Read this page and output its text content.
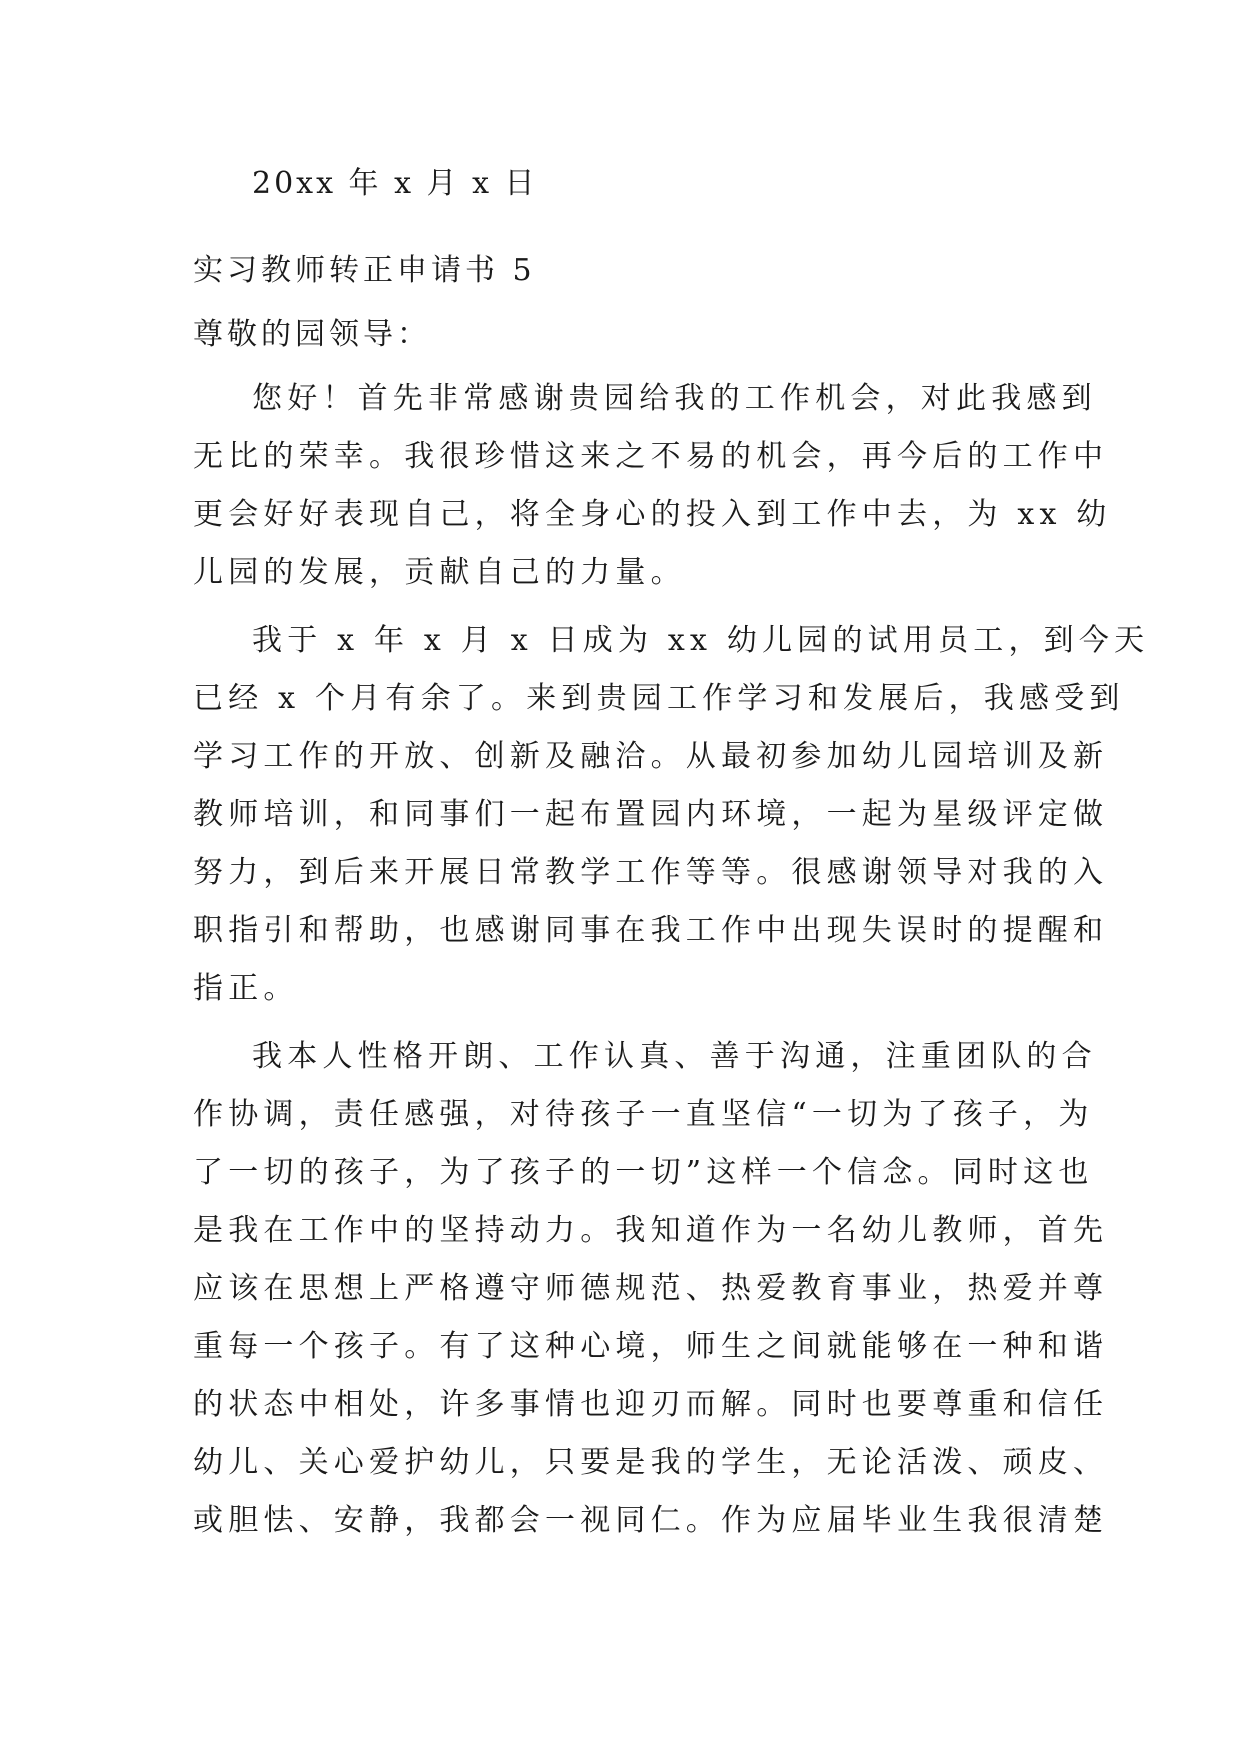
20xx 年 x 月 x 日
实习教师转正申请书 5
尊敬的园领导：
您好！首先非常感谢贵园给我的工作机会，对此我感到
无比的荣幸。我很珍惜这来之不易的机会，再今后的工作中
更会好好表现自己，将全身心的投入到工作中去，为 xx 幼
儿园的发展，贡献自己的力量。
我于 x 年 x 月 x 日成为 xx 幼儿园的试用员工，到今天
已经 x 个月有余了。来到贵园工作学习和发展后，我感受到
学习工作的开放、创新及融洽。从最初参加幼儿园培训及新
教师培训，和同事们一起布置园内环境，一起为星级评定做
努力，到后来开展日常教学工作等等。很感谢领导对我的入
职指引和帮助，也感谢同事在我工作中出现失误时的提醒和
指正。
我本人性格开朗、工作认真、善于沟通，注重团队的合
作协调，责任感强，对待孩子一直坚信“一切为了孩子，为
了一切的孩子，为了孩子的一切”这样一个信念。同时这也
是我在工作中的坚持动力。我知道作为一名幼儿教师，首先
应该在思想上严格遵守师德规范、热爱教育事业，热爱并尊
重每一个孩子。有了这种心境，师生之间就能够在一种和谐
的状态中相处，许多事情也迎刃而解。同时也要尊重和信任
幼儿、关心爱护幼儿，只要是我的学生，无论活泼、顽皮、
或胆怯、安静，我都会一视同仁。作为应届毕业生我很清楚
